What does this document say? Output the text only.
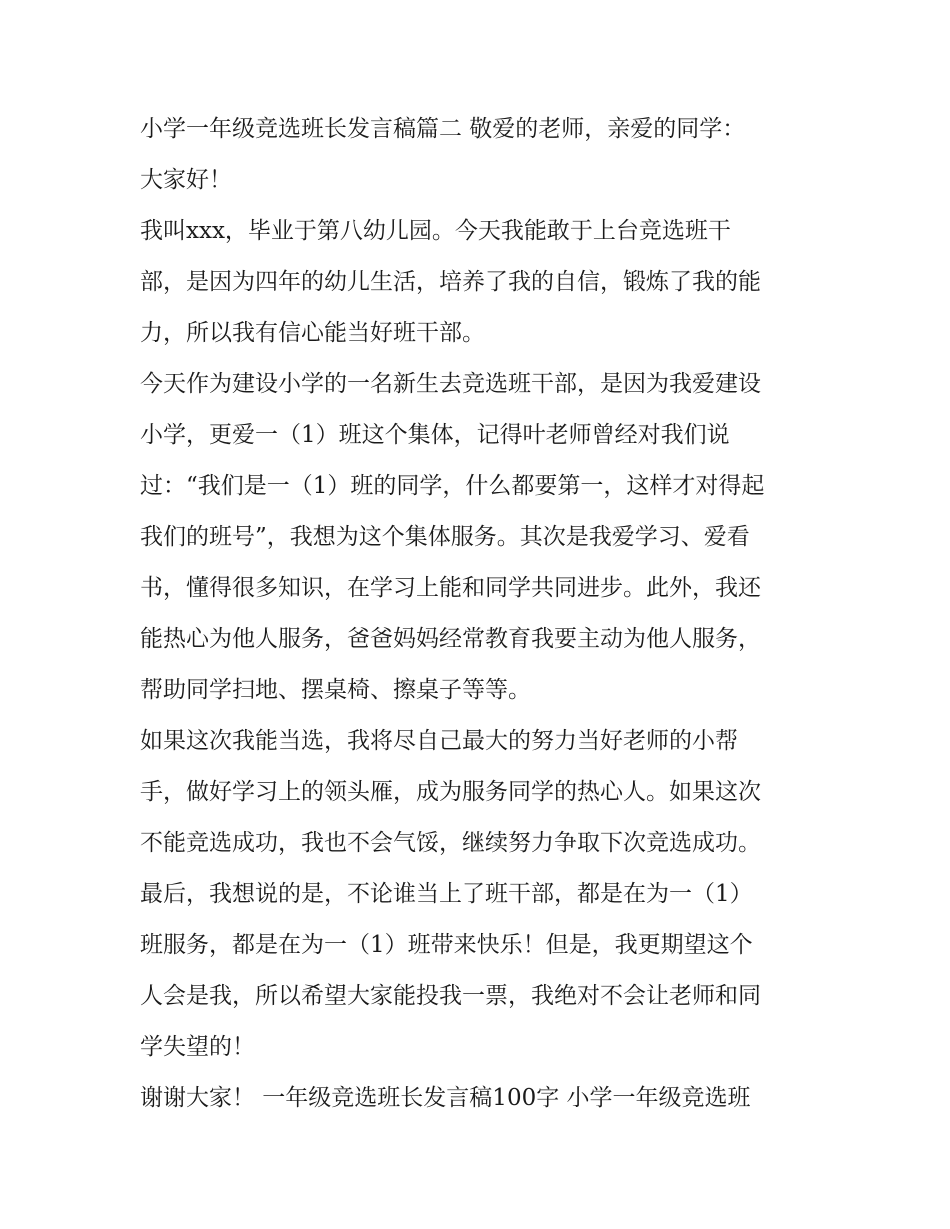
小学一年级竞选班长发言稿篇二 敬爱的老师，亲爱的同学：

大家好！

我叫xxx，毕业于第八幼儿园。今天我能敢于上台竞选班干

部，是因为四年的幼儿生活，培养了我的自信，锻炼了我的能

力，所以我有信心能当好班干部。

今天作为建设小学的一名新生去竞选班干部，是因为我爱建设

小学，更爱一（1）班这个集体，记得叶老师曾经对我们说

过：“我们是一（1）班的同学，什么都要第一，这样才对得起

我们的班号”，我想为这个集体服务。其次是我爱学习、爱看

书，懂得很多知识，在学习上能和同学共同进步。此外，我还

能热心为他人服务，爸爸妈妈经常教育我要主动为他人服务，

帮助同学扫地、摆桌椅、擦桌子等等。

如果这次我能当选，我将尽自己最大的努力当好老师的小帮

手，做好学习上的领头雁，成为服务同学的热心人。如果这次

不能竞选成功，我也不会气馁，继续努力争取下次竞选成功。

最后，我想说的是，不论谁当上了班干部，都是在为一（1）

班服务，都是在为一（1）班带来快乐！但是，我更期望这个

人会是我，所以希望大家能投我一票，我绝对不会让老师和同

学失望的！

谢谢大家！ 一年级竞选班长发言稿100字 小学一年级竞选班
